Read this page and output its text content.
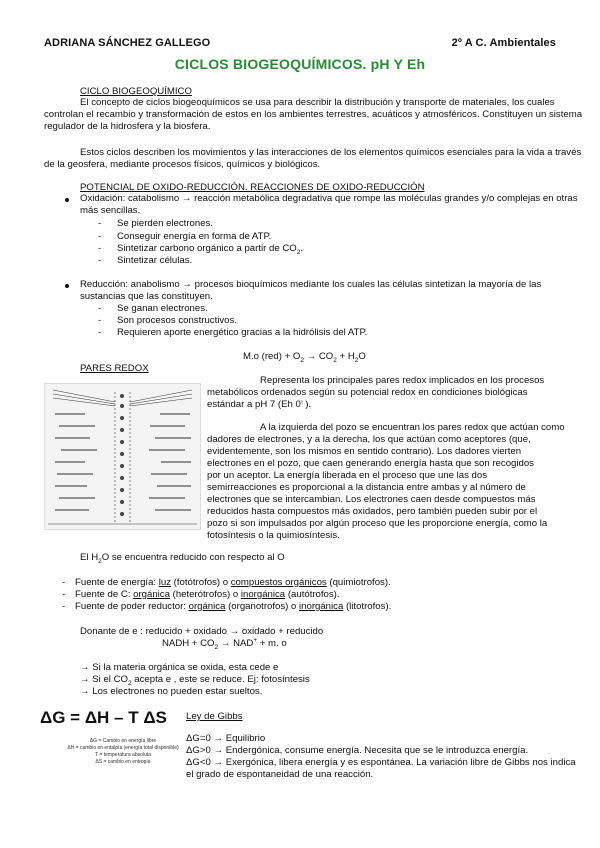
ADRIANA SÁNCHEZ GALLEGO	2º A C. Ambientales
CICLOS BIOGEOQUÍMICOS. pH Y Eh
CICLO BIOGEOQUÍMICO
El concepto de ciclos biogeoquímicos se usa para describir la distribución y transporte de materiales, los cuales
controlan el recambio y transformación de estos en los ambientes terrestres, acuáticos y atmosféricos. Constituyen un sistema
regulador de la hidrosfera y la biosfera.
Estos ciclos describen los movimientos y las interacciones de los elementos químicos esenciales para la vida a través
de la geosfera, mediante procesos físicos, químicos y biológicos.
POTENCIAL DE OXIDO-REDUCCIÓN. REACCIONES DE OXIDO-REDUCCIÓN
Oxidación: catabolismo → reacción metabólica degradativa que rompe las moléculas grandes y/o complejas en otras
más sencillas.
- Se pierden electrones.
- Conseguir energía en forma de ATP.
- Sintetizar carbono orgánico a partir de $CO_2$.
- Sintetizar células.
Reducción: anabolismo → procesos bioquímicos mediante los cuales las células sintetizan la mayoría de las
sustancias que las constituyen.
- Se ganan electrones.
- Son procesos constructivos.
- Requieren aporte energético gracias a la hidrólisis del ATP.
M.o $(red) + O_2 \to CO_2 + H_2O$
PARES REDOX
Representa los principales pares redox implicados en los procesos
metabólicos ordenados según su potencial redox en condiciones biológicas
estándar a pH 7 (Eh 0’ ).
A la izquierda del pozo se encuentran los pares redox que actúan como
dadores de electrones, y a la derecha, los que actúan como aceptores (que,
evidentemente, son los mismos en sentido contrario). Los dadores vierten
electrones en el pozo, que caen generando energía hasta que son recogidos
por un aceptor. La energía liberada en el proceso que une las dos
semirreacciones es proporcional a la distancia entre ambas y al número de
electrones que se intercambian. Los electrones caen desde compuestos más
reducidos hasta compuestos más oxidados, pero también pueden subir por el
pozo si son impulsados por algún proceso que les proporcione energía, como la
fotosíntesis o la quimiosíntesis.
El $H_2O$ se encuentra reducido con respecto al O
- Fuente de energía: luz (fotótrofos) o compuestos orgánicos (quimiotrofos).
- Fuente de C: orgánica (heterótrofos) o inorgánica (autótrofos).
- Fuente de poder reductor: orgánica (organotrofos) o inorgánica (litotrofos).
Donante de e : reducido + oxidado → oxidado + reducido
NADH + $CO_2 \to NAD^+ + m$. o
→ Si la materia orgánica se oxida, esta cede e
→ Si el $CO_2$ acepta e , este se reduce. Ej: fotosíntesis
→ Los electrones no pueden estar sueltos.
ΔG = ΔH – T ΔS
ΔG = Cambio en energía libre
ΔH = cambio en entalpía (energía total disponible)
T = temperatura absoluta
ΔS = cambio en entropía
Ley de Gibbs
ΔG=0 → Equilibrio
ΔG>0 → Endergónica, consume energía. Necesita que se le introduzca energía.
ΔG<0 → Exergónica, libera energía y es espontánea. La variación libre de Gibbs nos indica
el grado de espontaneidad de una reacción.
